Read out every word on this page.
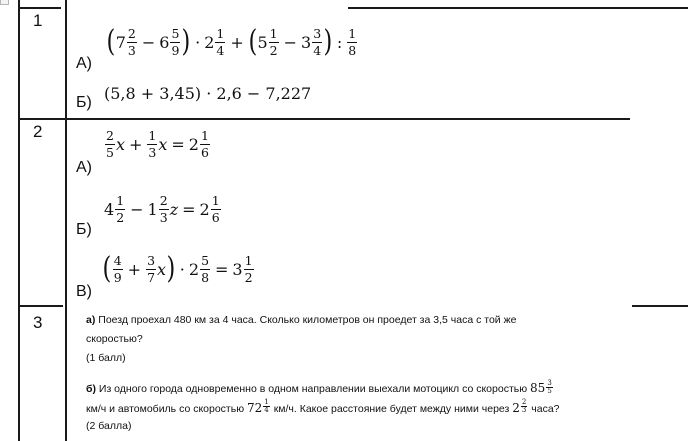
1
А)
Б)
( $7 \frac{2}{3} - 6 \frac{5}{9}$ ) · $2 \frac{1}{4}$ + ( $5 \frac{1}{2} - 3 \frac{3}{4}$ ) : $\frac{1}{8}$
(5,8 + 3,45) · 2,6 − 7,227
2
А)
Б)
В)
$\frac{2}{5}$ $x + \frac{1}{3}$ $x = 2 \frac{1}{6}$
$4 \frac{1}{2} - 1 \frac{2}{3}$ $z = 2 \frac{1}{6}$
( $\frac{4}{9} + \frac{3}{7}$ x ) · $2 \frac{5}{8} = 3 \frac{1}{2}$
3	а) Поезд проехал 480 км за 4 часа. Сколько километров он проедет за 3,5 часа с той же
скоростью?
(1 балл)
б) Из одного города одновременно в одном направлении выехали мотоцикл со скоростью $85 \frac{3}{5}$
км/ч и автомобиль со скоростью $72 \frac{1}{4} км/ч$. Какое расстояние будет между ними через $2 \frac{2}{3}$ часа?
(2 балла)
